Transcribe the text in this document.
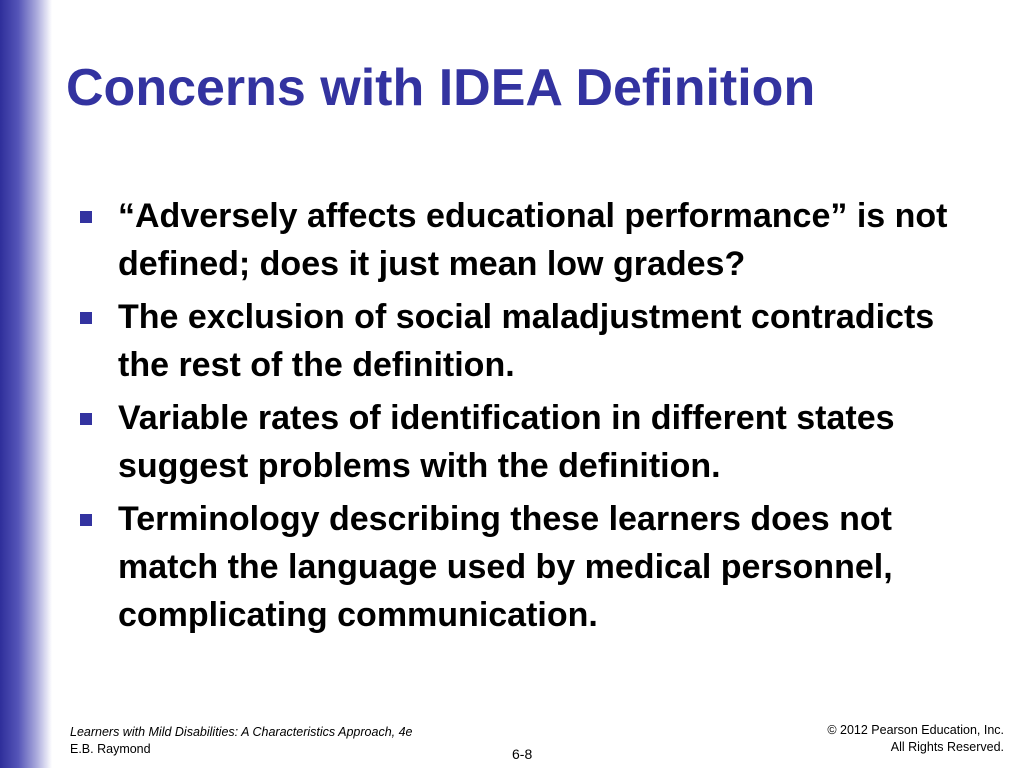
Concerns with IDEA Definition
“Adversely affects educational performance” is not defined; does it just mean low grades?
The exclusion of social maladjustment contradicts the rest of the definition.
Variable rates of identification in different states suggest problems with the definition.
Terminology describing these learners does not match the language used by medical personnel, complicating communication.
Learners with Mild Disabilities: A Characteristics Approach, 4e
E.B. Raymond	6-8
© 2012 Pearson Education, Inc.
All Rights Reserved.
